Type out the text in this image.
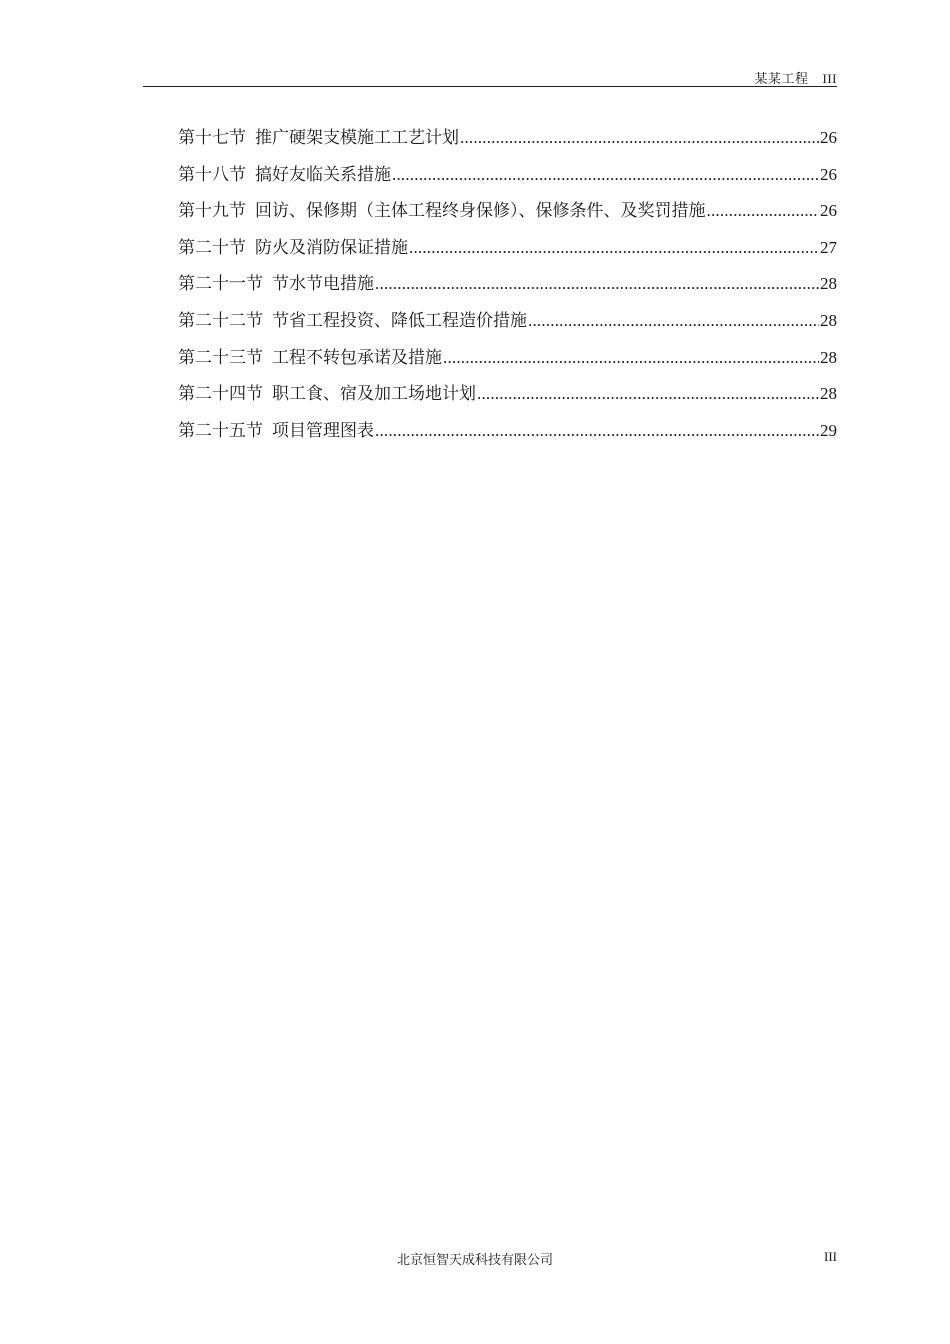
某某工程 III
第十七节 推广硬架支模施工工艺计划 .....	26
第十八节 搞好友临关系措施 .....	26
第十九节 回访、保修期（主体工程终身保修）、保修条件、及奖罚措施 .....	26
第二十节 防火及消防保证措施 .....	27
第二十一节 节水节电措施 .....	28
第二十二节 节省工程投资、降低工程造价措施 .....	28
第二十三节 工程不转包承诺及措施 .....	28
第二十四节 职工食、宿及加工场地计划 .....	28
第二十五节 项目管理图表 .....	29
北京恒智天成科技有限公司	III
